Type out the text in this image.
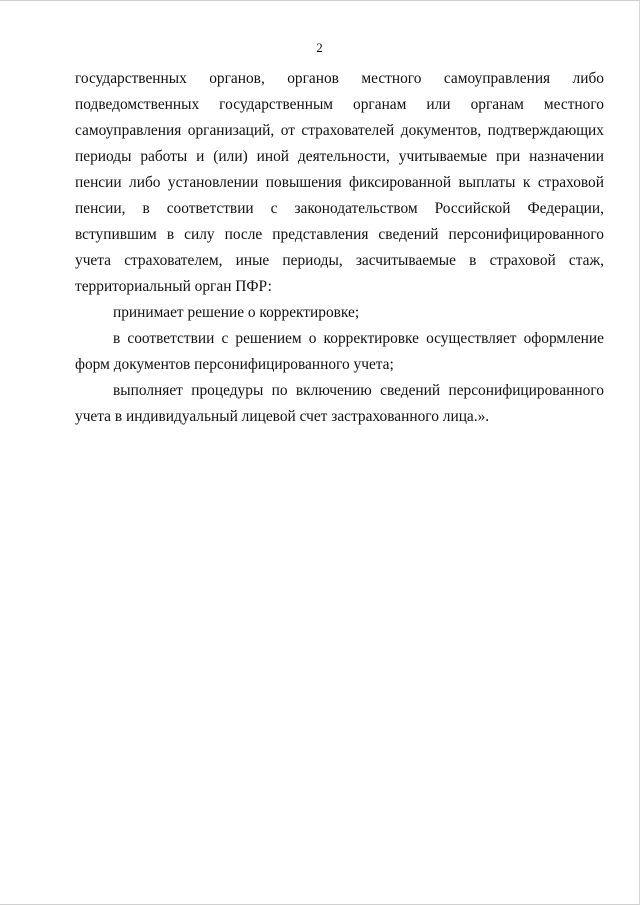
2

государственных органов, органов местного самоуправления либо подведомственных государственным органам или органам местного самоуправления организаций, от страхователей документов, подтверждающих периоды работы и (или) иной деятельности, учитываемые при назначении пенсии либо установлении повышения фиксированной выплаты к страховой пенсии, в соответствии с законодательством Российской Федерации, вступившим в силу после представления сведений персонифицированного учета страхователем, иные периоды, засчитываемые в страховой стаж, территориальный орган ПФР:

принимает решение о корректировке;

в соответствии с решением о корректировке осуществляет оформление форм документов персонифицированного учета;

выполняет процедуры по включению сведений персонифицированного учета в индивидуальный лицевой счет застрахованного лица.».
